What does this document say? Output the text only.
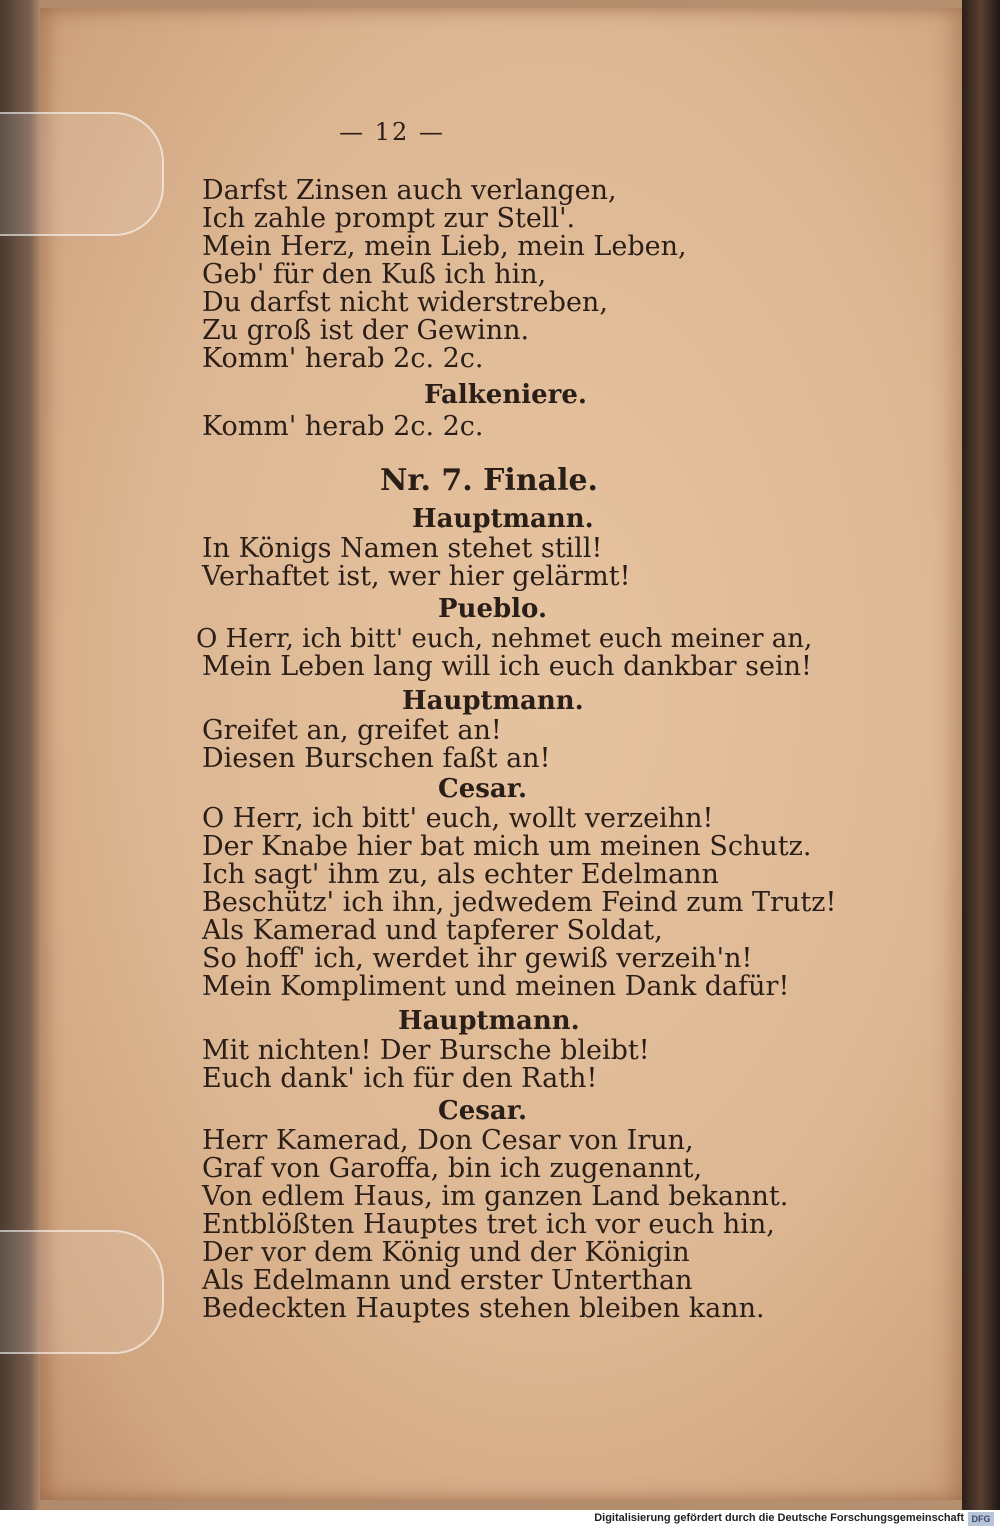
— 12 —
Darfst Zinsen auch verlangen,
Ich zahle prompt zur Stell'.
Mein Herz, mein Lieb, mein Leben,
Geb' für den Kuß ich hin,
Du darfst nicht widerstreben,
Zu groß ist der Gewinn.
Komm' herab 2c. 2c.
Falkeniere.
Komm' herab 2c. 2c.
Nr. 7. Finale.
Hauptmann.
In Königs Namen stehet still!
Verhaftet ist, wer hier gelärmt!
Pueblo.
O Herr, ich bitt' euch, nehmet euch meiner an,
Mein Leben lang will ich euch dankbar sein!
Hauptmann.
Greifet an, greifet an!
Diesen Burschen faßt an!
Cesar.
O Herr, ich bitt' euch, wollt verzeihn!
Der Knabe hier bat mich um meinen Schutz.
Ich sagt' ihm zu, als echter Edelmann
Beschütz' ich ihn, jedwedem Feind zum Trutz!
Als Kamerad und tapferer Soldat,
So hoff' ich, werdet ihr gewiß verzeih'n!
Mein Kompliment und meinen Dank dafür!
Hauptmann.
Mit nichten! Der Bursche bleibt!
Euch dank' ich für den Rath!
Cesar.
Herr Kamerad, Don Cesar von Irun,
Graf von Garoffa, bin ich zugenannt,
Von edlem Haus, im ganzen Land bekannt.
Entblößten Hauptes tret ich vor euch hin,
Der vor dem König und der Königin
Als Edelmann und erster Unterthan
Bedeckten Hauptes stehen bleiben kann.
Digitalisierung gefördert durch die Deutsche Forschungsgemeinschaft DFG
